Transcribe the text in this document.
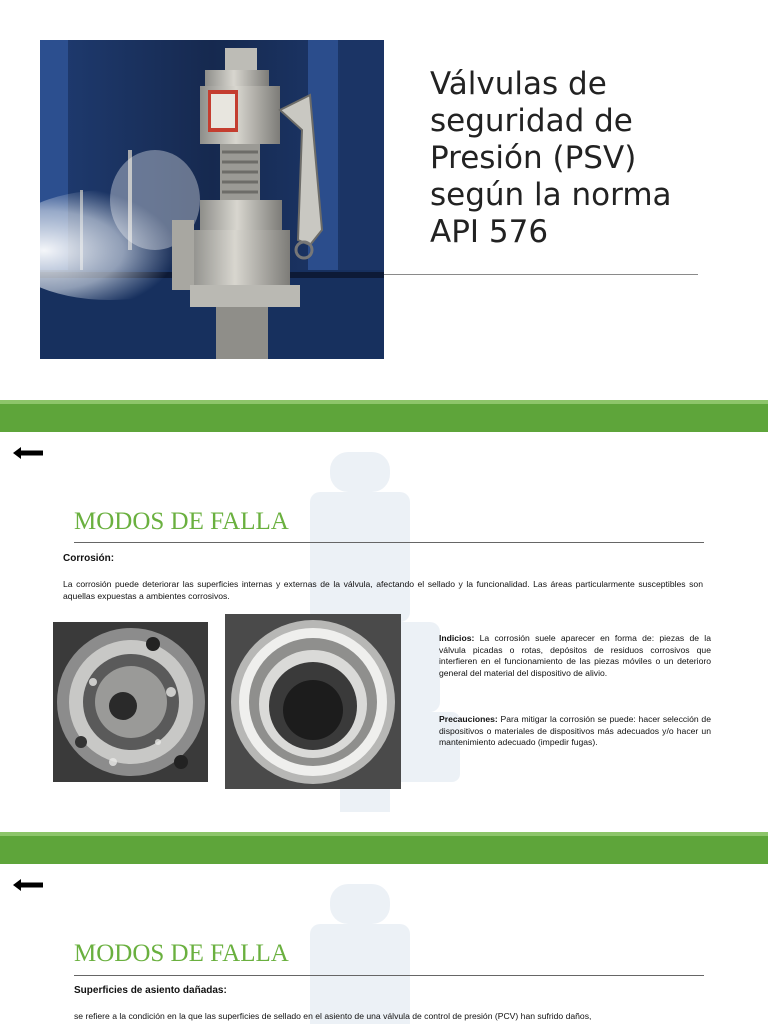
Válvulas de
seguridad de
Presión (PSV)
según la norma
API 576
MODOS DE FALLA
Corrosión:
La corrosión puede deteriorar las superficies internas y externas de la válvula, afectando el sellado y la funcionalidad. Las áreas particularmente susceptibles son aquellas expuestas a ambientes corrosivos.
Indicios: La corrosión suele aparecer en forma de: piezas de la válvula picadas o rotas, depósitos de residuos corrosivos que interfieren en el funcionamiento de las piezas móviles o un deterioro general del material del dispositivo de alivio.
Precauciones: Para mitigar la corrosión se puede: hacer selección de dispositivos o materiales de dispositivos más adecuados y/o hacer un mantenimiento adecuado (impedir fugas).
MODOS DE FALLA
Superficies de asiento dañadas:
se refiere a la condición en la que las superficies de sellado en el asiento de una válvula de control de presión (PCV) han sufrido daños,
